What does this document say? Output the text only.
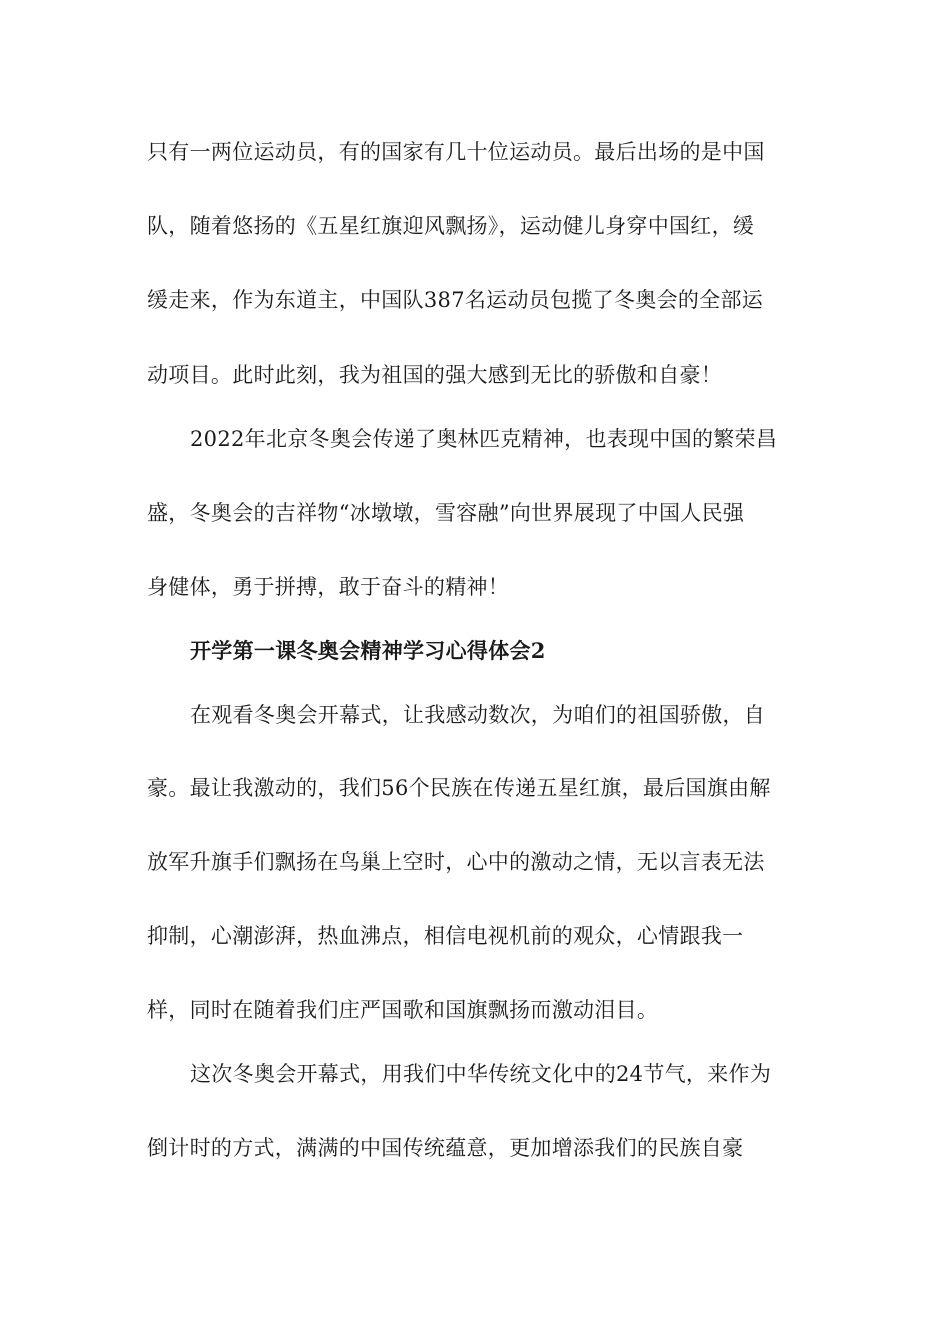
只有一两位运动员，有的国家有几十位运动员。最后出场的是中国
队，随着悠扬的《五星红旗迎风飘扬》，运动健儿身穿中国红，缓
缓走来，作为东道主，中国队387名运动员包揽了冬奥会的全部运
动项目。此时此刻，我为祖国的强大感到无比的骄傲和自豪！
2022年北京冬奥会传递了奥林匹克精神，也表现中国的繁荣昌
盛，冬奥会的吉祥物“冰墩墩，雪容融”向世界展现了中国人民强
身健体，勇于拼搏，敢于奋斗的精神！
开学第一课冬奥会精神学习心得体会2
在观看冬奥会开幕式，让我感动数次，为咱们的祖国骄傲，自
豪。最让我激动的，我们56个民族在传递五星红旗，最后国旗由解
放军升旗手们飘扬在鸟巢上空时，心中的激动之情，无以言表无法
抑制，心潮澎湃，热血沸点，相信电视机前的观众，心情跟我一
样，同时在随着我们庄严国歌和国旗飘扬而激动泪目。
这次冬奥会开幕式，用我们中华传统文化中的24节气，来作为
倒计时的方式，满满的中国传统蕴意，更加增添我们的民族自豪
